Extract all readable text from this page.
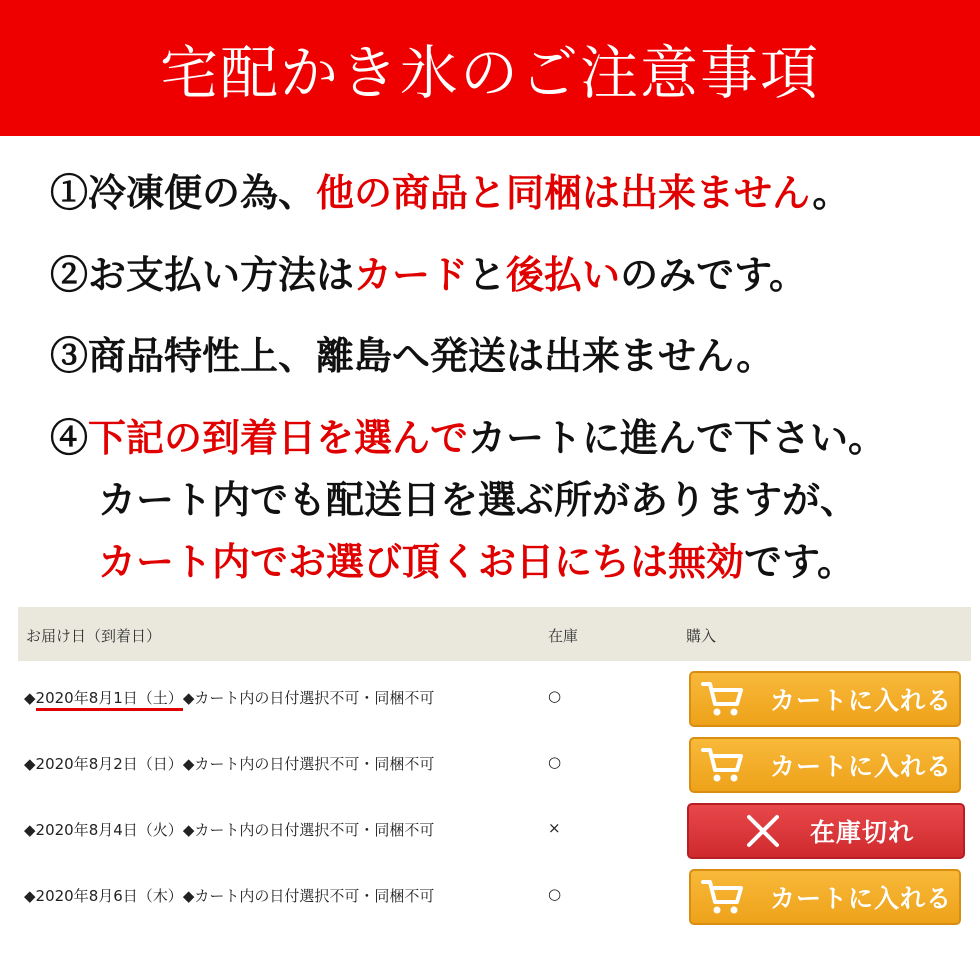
宅配かき氷のご注意事項
①冷凍便の為、他の商品と同梱は出来ません。
②お支払い方法はカードと後払いのみです。
③商品特性上、離島へ発送は出来ません。
④下記の到着日を選んでカートに進んで下さい。
カート内でも配送日を選ぶ所がありますが、
カート内でお選び頂くお日にちは無効です。
お届け日（到着日）	在庫	購入
◆2020年8月1日（土）◆カート内の日付選択不可・同梱不可	○	カートに入れる
◆2020年8月2日（日）◆カート内の日付選択不可・同梱不可	○	カートに入れる
◆2020年8月4日（火）◆カート内の日付選択不可・同梱不可	×	在庫切れ
◆2020年8月6日（木）◆カート内の日付選択不可・同梱不可	○	カートに入れる
